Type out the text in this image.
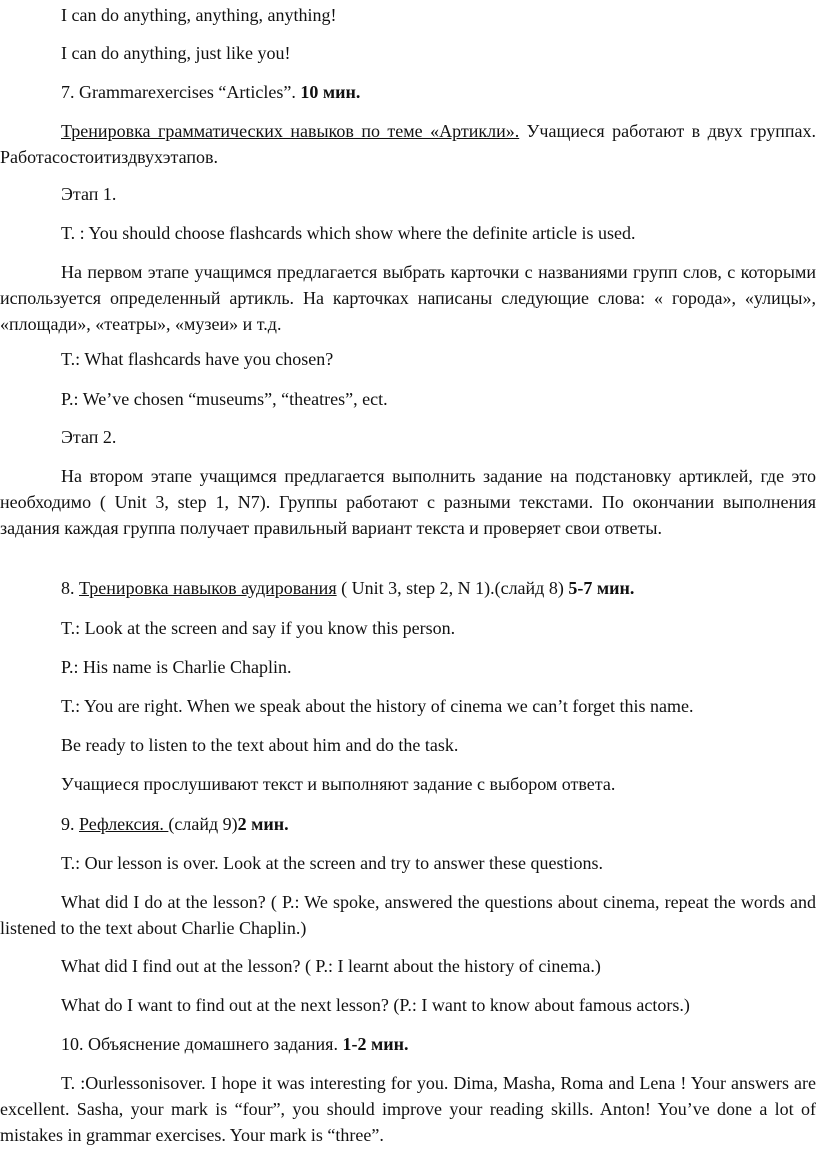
I can do anything, anything, anything!

I can do anything, just like you!

7. Grammarexercises “Articles”. 10 мин.

Тренировка грамматических навыков по теме «Артикли». Учащиеся работают в двух группах. Работасостоитиздвухэтапов.

Этап 1.

T. : You should choose flashcards which show where the definite article is used.

На первом этапе учащимся предлагается выбрать карточки с названиями групп слов, с которыми используется определенный артикль. На карточках написаны следующие слова: « города», «улицы», «площади», «театры», «музеи» и т.д.

T.: What flashcards have you chosen?

P.: We’ve chosen “museums”, “theatres”, ect.

Этап 2.

На втором этапе учащимся предлагается выполнить задание на подстановку артиклей, где это необходимо ( Unit 3, step 1, N7). Группы работают с разными текстами. По окончании выполнения задания каждая группа получает правильный вариант текста и проверяет свои ответы.

8. Тренировка навыков аудирования ( Unit 3, step 2, N 1).(слайд 8) 5-7 мин.

T.: Look at the screen and say if you know this person.

P.: His name is Charlie Chaplin.

T.: You are right. When we speak about the history of cinema we can’t forget this name.

Be ready to listen to the text about him and do the task.

Учащиеся прослушивают текст и выполняют задание с выбором ответа.

9. Рефлексия. (слайд 9)2 мин.

T.: Our lesson is over. Look at the screen and try to answer these questions.

What did I do at the lesson? ( P.: We spoke, answered the questions about cinema, repeat the words and listened to the text about Charlie Chaplin.)

What did I find out at the lesson? ( P.: I learnt about the history of cinema.)

What do I want to find out at the next lesson? (P.: I want to know about famous actors.)

10. Объяснение домашнего задания. 1-2 мин.

T. :Ourlessonisover. I hope it was interesting for you. Dima, Masha, Roma and Lena ! Your answers are excellent. Sasha, your mark is “four”, you should improve your reading skills. Anton! You’ve done a lot of mistakes in grammar exercises. Your mark is “three”.
